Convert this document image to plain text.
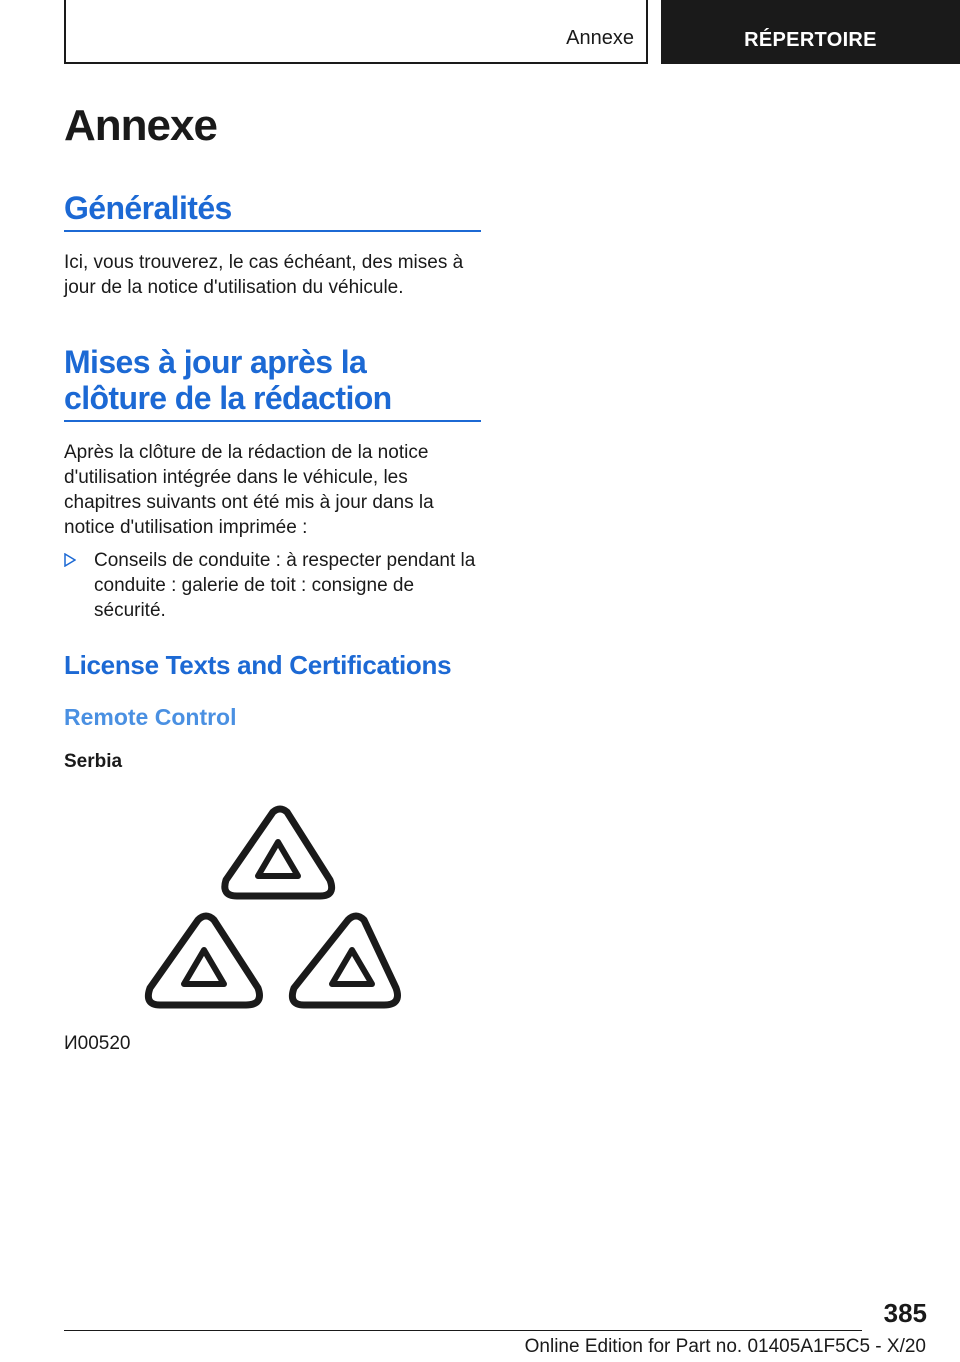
Annexe	RÉPERTOIRE
Annexe
Généralités

Ici, vous trouverez, le cas échéant, des mises à jour de la notice d'utilisation du véhicule.

Mises à jour après la
clôture de la rédaction

Après la clôture de la rédaction de la notice d'utilisation intégrée dans le véhicule, les chapitres suivants ont été mis à jour dans la notice d'utilisation imprimée :

Conseils de conduite : à respecter pendant la conduite : galerie de toit : consigne de sécurité.
License Texts and Certifications
Remote Control
Serbia
И00520
385
Online Edition for Part no. 01405A1F5C5 - X/20
